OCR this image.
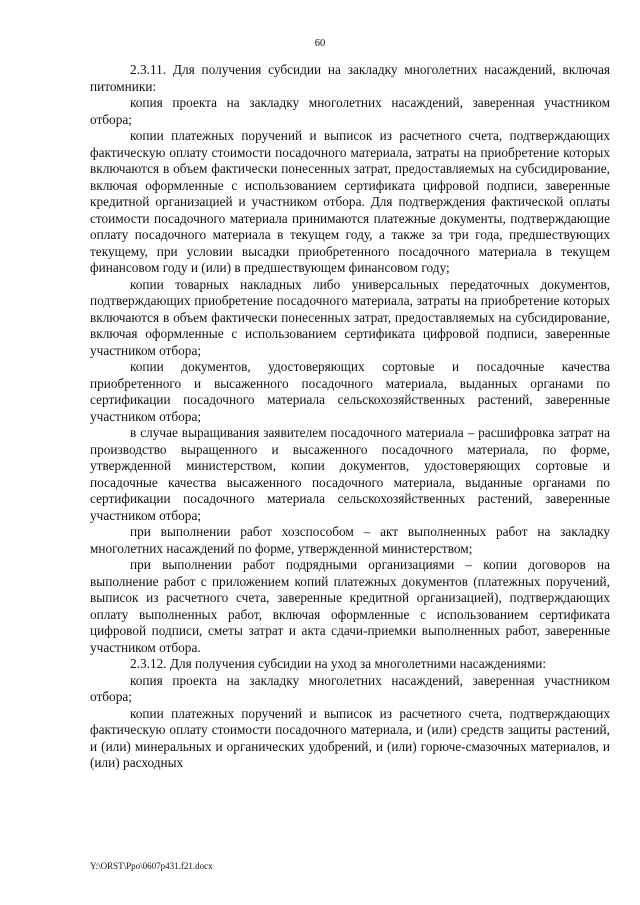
60

2.3.11. Для получения субсидии на закладку многолетних насаждений, включая питомники:

копия проекта на закладку многолетних насаждений, заверенная участником отбора;

копии платежных поручений и выписок из расчетного счета, подтверждающих фактическую оплату стоимости посадочного материала, затраты на приобретение которых включаются в объем фактически понесенных затрат, предоставляемых на субсидирование, включая оформленные с использованием сертификата цифровой подписи, заверенные кредитной организацией и участником отбора. Для подтверждения фактической оплаты стоимости посадочного материала принимаются платежные документы, подтверждающие оплату посадочного материала в текущем году, а также за три года, предшествующих текущему, при условии высадки приобретенного посадочного материала в текущем финансовом году и (или) в предшествующем финансовом году;

копии товарных накладных либо универсальных передаточных документов, подтверждающих приобретение посадочного материала, затраты на приобретение которых включаются в объем фактически понесенных затрат, предоставляемых на субсидирование, включая оформленные с использованием сертификата цифровой подписи, заверенные участником отбора;

копии документов, удостоверяющих сортовые и посадочные качества приобретенного и высаженного посадочного материала, выданных органами по сертификации посадочного материала сельскохозяйственных растений, заверенные участником отбора;

в случае выращивания заявителем посадочного материала – расшифровка затрат на производство выращенного и высаженного посадочного материала, по форме, утвержденной министерством, копии документов, удостоверяющих сортовые и посадочные качества высаженного посадочного материала, выданные органами по сертификации посадочного материала сельскохозяйственных растений, заверенные участником отбора;

при выполнении работ хозспособом – акт выполненных работ на закладку многолетних насаждений по форме, утвержденной министерством;

при выполнении работ подрядными организациями – копии договоров на выполнение работ с приложением копий платежных документов (платежных поручений, выписок из расчетного счета, заверенные кредитной организацией), подтверждающих оплату выполненных работ, включая оформленные с использованием сертификата цифровой подписи, сметы затрат и акта сдачи-приемки выполненных работ, заверенные участником отбора.

2.3.12. Для получения субсидии на уход за многолетними насаждениями:

копия проекта на закладку многолетних насаждений, заверенная участником отбора;

копии платежных поручений и выписок из расчетного счета, подтверждающих фактическую оплату стоимости посадочного материала, и (или) средств защиты растений, и (или) минеральных и органических удобрений, и (или) горюче-смазочных материалов, и (или) расходных

Y:\ORST\Ppo\0607p431.f21.docx
